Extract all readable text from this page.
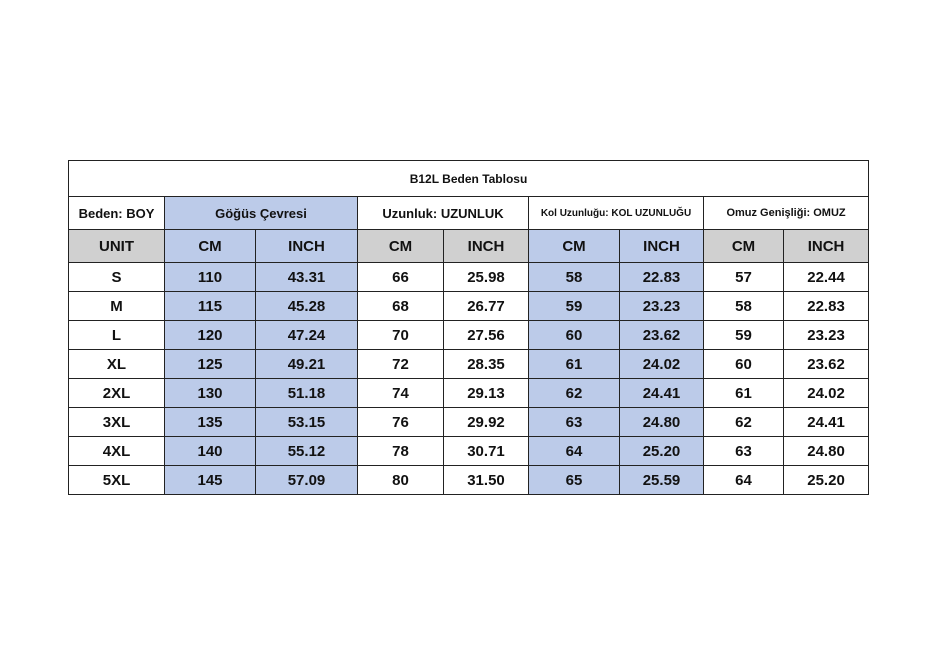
B12L Beden Tablosu								
Beden: BOY	Göğüs Çevresi		Uzunluk: UZUNLUK		Kol Uzunluğu: KOL UZUNLUĞU		Omuz Genişliği: OMUZ	
UNIT	CM	INCH	CM	INCH	CM	INCH	CM	INCH
S	110	43.31	66	25.98	58	22.83	57	22.44
M	115	45.28	68	26.77	59	23.23	58	22.83
L	120	47.24	70	27.56	60	23.62	59	23.23
XL	125	49.21	72	28.35	61	24.02	60	23.62
2XL	130	51.18	74	29.13	62	24.41	61	24.02
3XL	135	53.15	76	29.92	63	24.80	62	24.41
4XL	140	55.12	78	30.71	64	25.20	63	24.80
5XL	145	57.09	80	31.50	65	25.59	64	25.20
